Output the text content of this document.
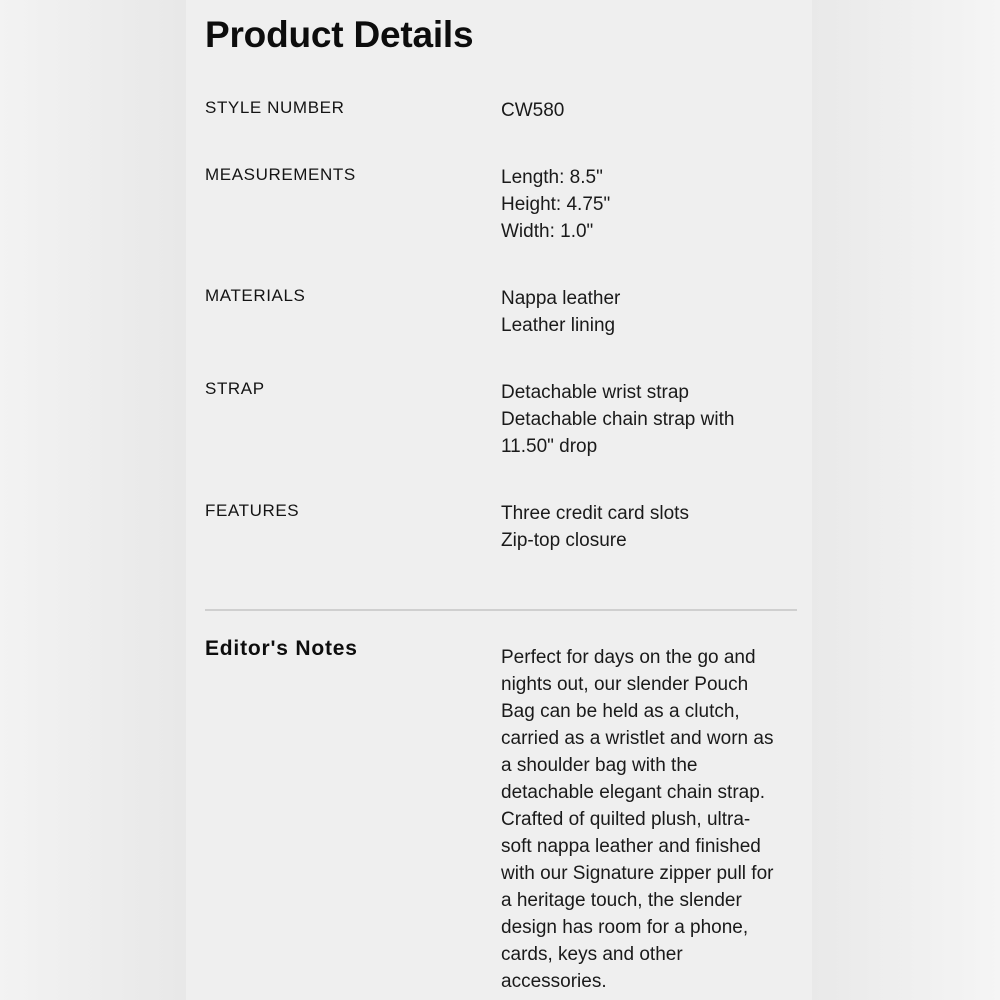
Product Details
STYLE NUMBER	CW580
MEASUREMENTS	Length: 8.5"
Height: 4.75"
Width: 1.0"
MATERIALS	Nappa leather
Leather lining
STRAP	Detachable wrist strap
Detachable chain strap with
11.50" drop
FEATURES	Three credit card slots
Zip-top closure
Editor's Notes	Perfect for days on the go and
nights out, our slender Pouch
Bag can be held as a clutch,
carried as a wristlet and worn as
a shoulder bag with the
detachable elegant chain strap.
Crafted of quilted plush, ultra-
soft nappa leather and finished
with our Signature zipper pull for
a heritage touch, the slender
design has room for a phone,
cards, keys and other
accessories.
